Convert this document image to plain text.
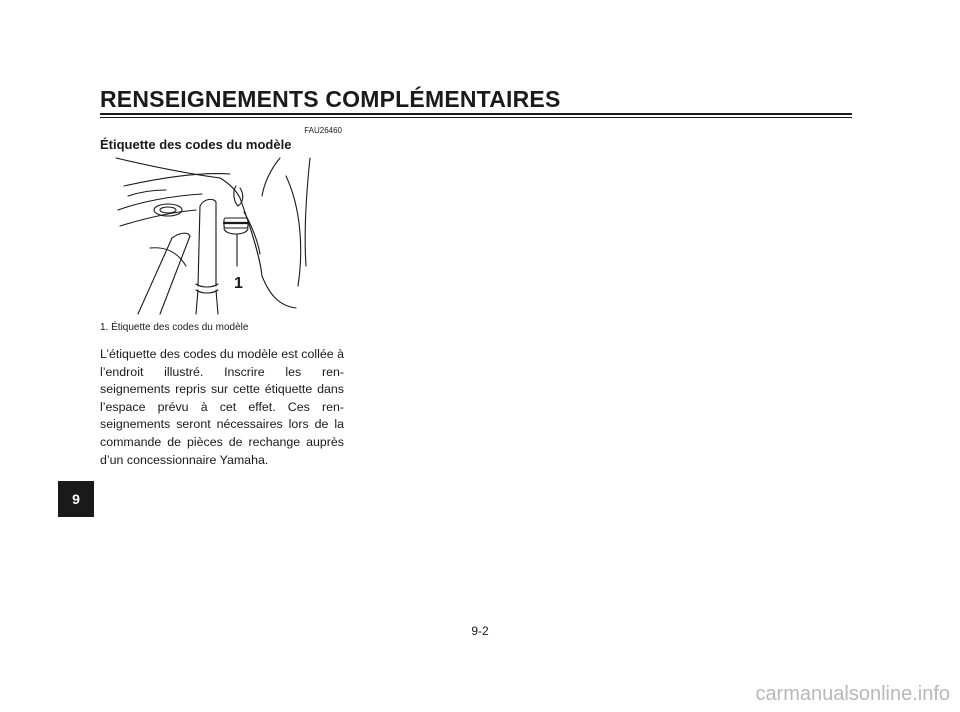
RENSEIGNEMENTS COMPLÉMENTAIRES
FAU26460
Étiquette des codes du modèle
1
1. Étiquette des codes du modèle
L’étiquette des codes du modèle est collée à l’endroit illustré. Inscrire les ren-seignements repris sur cette étiquette dans l’espace prévu à cet effet. Ces ren-seignements seront nécessaires lors de la commande de pièces de rechange auprès d’un concessionnaire Yamaha.
9
9-2
carmanualsonline.info
